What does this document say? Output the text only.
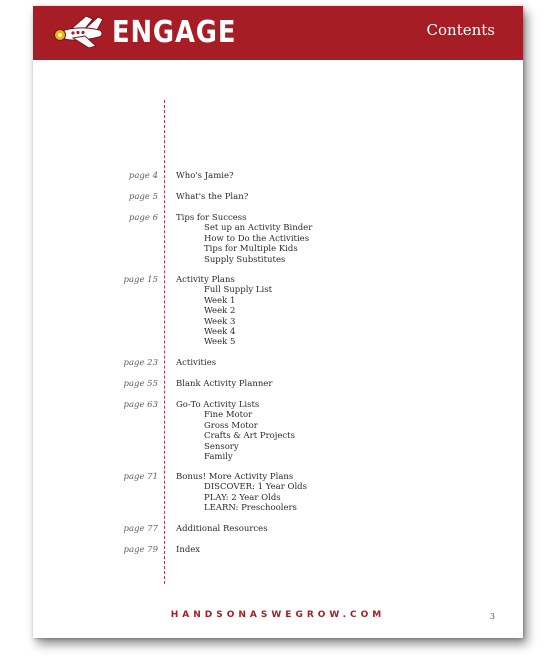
ENGAGE	Contents
page 4 Who's Jamie?
page 5 What's the Plan?
page 6 Tips for Success
Set up an Activity Binder
How to Do the Activities
Tips for Multiple Kids
Supply Substitutes
page 15 Activity Plans
Full Supply List
Week 1
Week 2
Week 3
Week 4
Week 5
page 23 Activities
page 55 Blank Activity Planner
page 63 Go-To Activity Lists
Fine Motor
Gross Motor
Crafts & Art Projects
Sensory
Family
page 71 Bonus! More Activity Plans
DISCOVER: 1 Year Olds
PLAY: 2 Year Olds
LEARN: Preschoolers
page 77 Additional Resources
page 79 Index
HANDSONASWEGROW.COM	3
